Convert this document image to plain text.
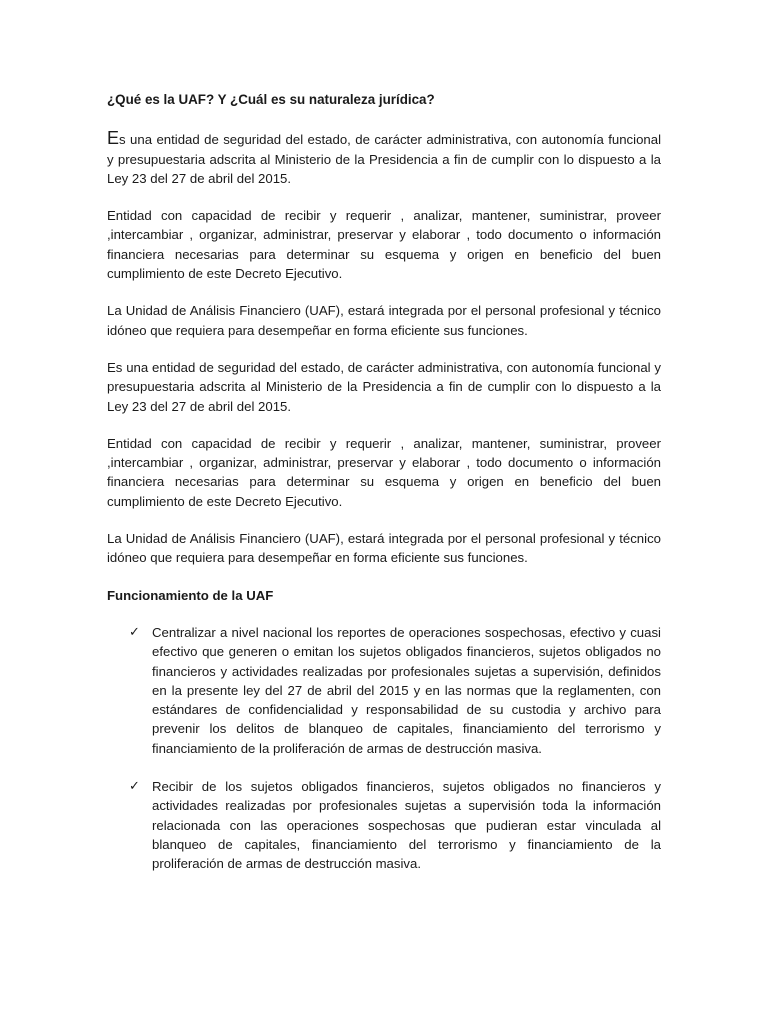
¿Qué es la UAF? Y ¿Cuál es su naturaleza jurídica?

Es una entidad de seguridad del estado, de carácter administrativa, con autonomía funcional y presupuestaria adscrita al Ministerio de la Presidencia a fin de cumplir con lo dispuesto a la Ley 23 del 27 de abril del 2015.

Entidad con capacidad de recibir y requerir , analizar, mantener, suministrar, proveer ,intercambiar , organizar, administrar, preservar y elaborar , todo documento o información financiera necesarias para determinar su esquema y origen en beneficio del buen cumplimiento de este Decreto Ejecutivo.

La Unidad de Análisis Financiero (UAF), estará integrada por el personal profesional y técnico idóneo que requiera para desempeñar en forma eficiente sus funciones.

Es una entidad de seguridad del estado, de carácter administrativa, con autonomía funcional y presupuestaria adscrita al Ministerio de la Presidencia a fin de cumplir con lo dispuesto a la Ley 23 del 27 de abril del 2015.

Entidad con capacidad de recibir y requerir , analizar, mantener, suministrar, proveer ,intercambiar , organizar, administrar, preservar y elaborar , todo documento o información financiera necesarias para determinar su esquema y origen en beneficio del buen cumplimiento de este Decreto Ejecutivo.

La Unidad de Análisis Financiero (UAF), estará integrada por el personal profesional y técnico idóneo que requiera para desempeñar en forma eficiente sus funciones.

Funcionamiento de la UAF
✓ Centralizar a nivel nacional los reportes de operaciones sospechosas, efectivo y cuasi efectivo que generen o emitan los sujetos obligados financieros, sujetos obligados no financieros y actividades realizadas por profesionales sujetas a supervisión, definidos en la presente ley del 27 de abril del 2015 y en las normas que la reglamenten, con estándares de confidencialidad y responsabilidad de su custodia y archivo para prevenir los delitos de blanqueo de capitales, financiamiento del terrorismo y financiamiento de la proliferación de armas de destrucción masiva.
✓ Recibir de los sujetos obligados financieros, sujetos obligados no financieros y actividades realizadas por profesionales sujetas a supervisión toda la información relacionada con las operaciones sospechosas que pudieran estar vinculada al blanqueo de capitales, financiamiento del terrorismo y financiamiento de la proliferación de armas de destrucción masiva.
